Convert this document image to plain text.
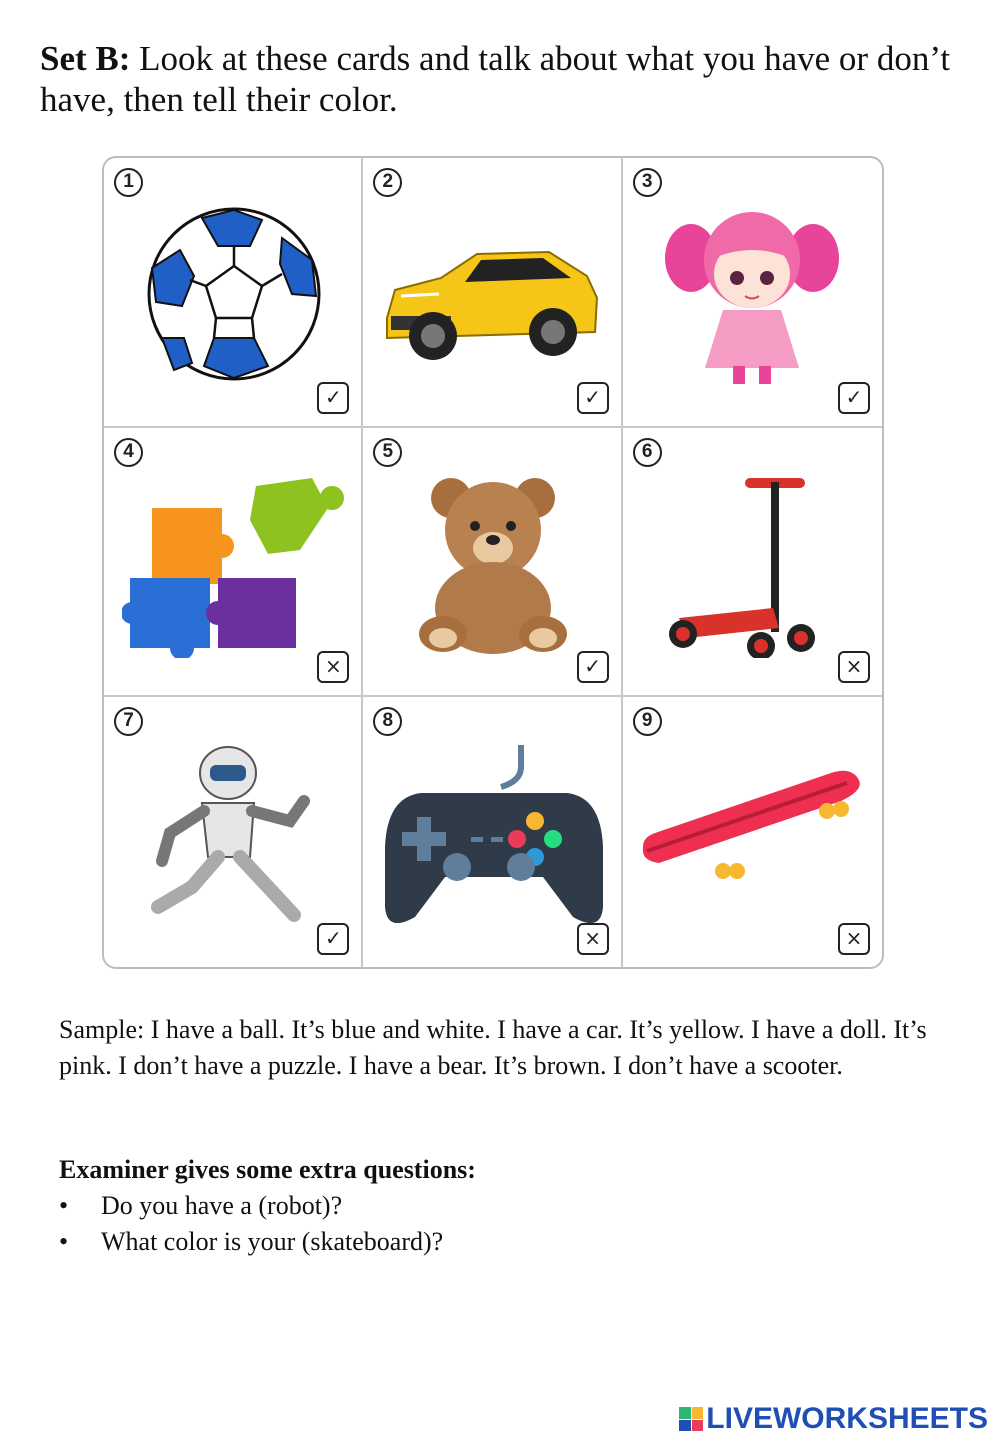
Set B: Look at these cards and talk about what you have or don’t have, then tell their color.
1
✓
2
✓
3
✓
4
×
5
✓
6
×
7
✓
8
×
9
×
Sample: I have a ball. It’s blue and white. I have a car. It’s yellow. I have a doll. It’s pink. I don’t have a puzzle. I have a bear. It’s brown. I don’t have a scooter.
Examiner gives some extra questions:
• Do you have a (robot)?
• What color is your (skateboard)?
LIVEWORKSHEETS
